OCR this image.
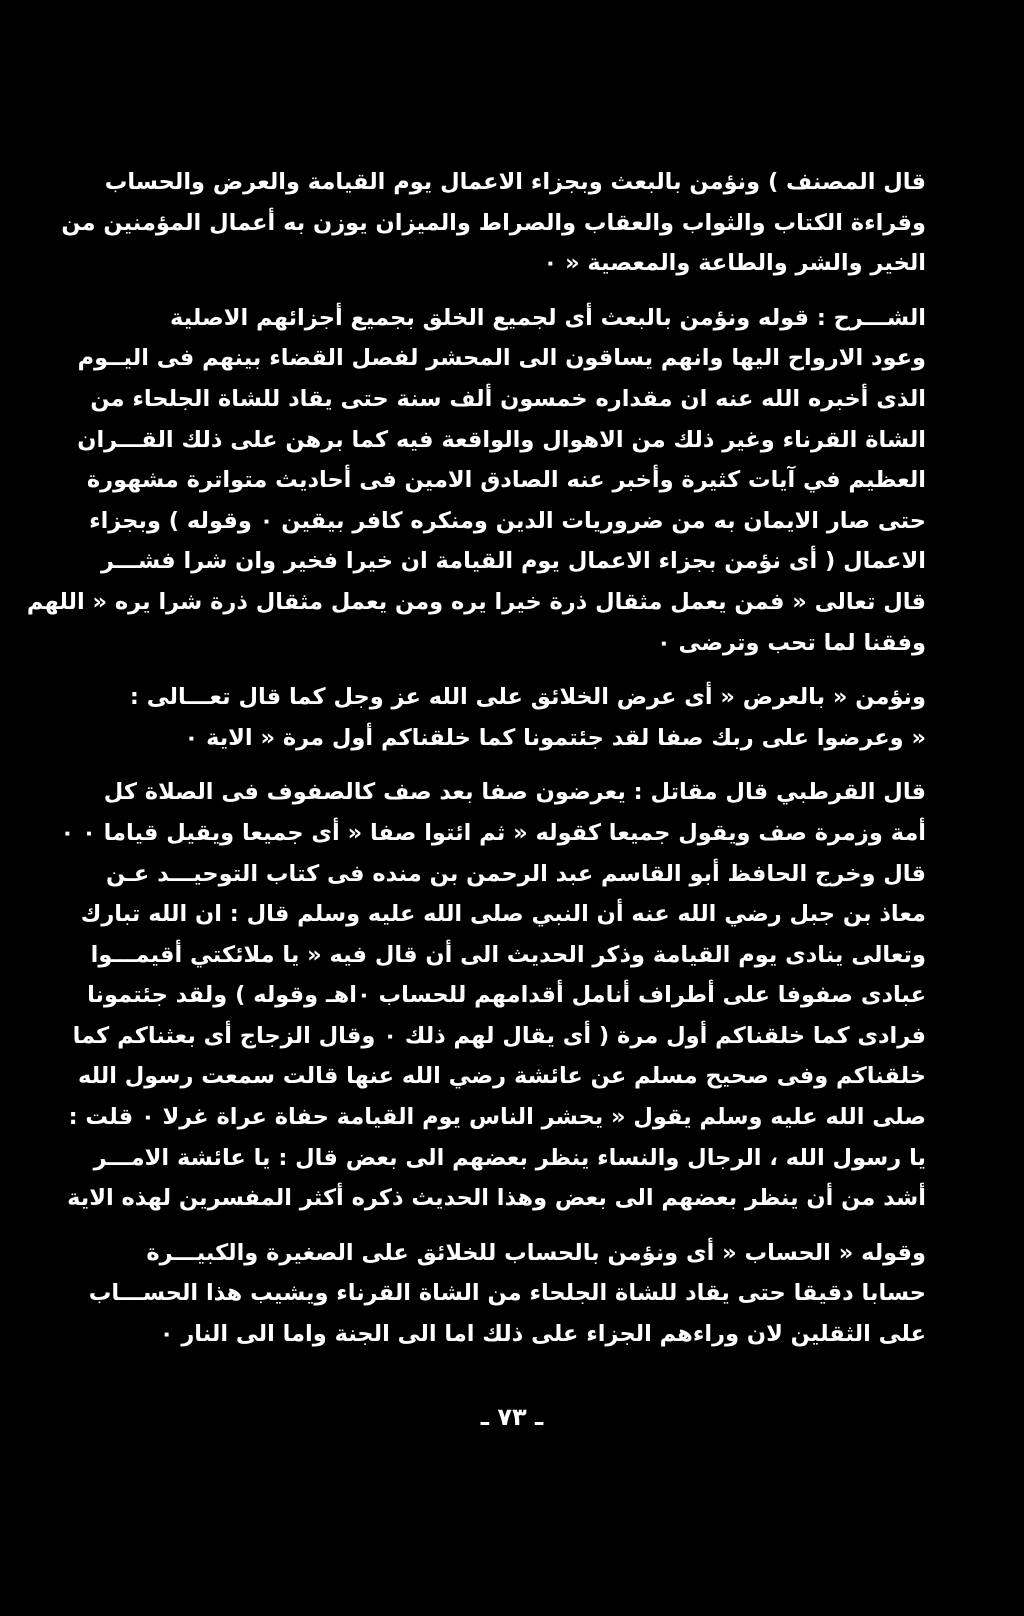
قال المصنف ) ونؤمن بالبعث وبجزاء الاعمال يوم القيامة والعرض والحساب
وقراءة الكتاب والثواب والعقاب والصراط والميزان يوزن به أعمال المؤمنين من
الخير والشر والطاعة والمعصية « ٠
الشـــرح : قوله ونؤمن بالبعث أى لجميع الخلق بجميع أجزائهم الاصلية
وعود الارواح اليها وانهم يساقون الى المحشر لفصل القضاء بينهم فى اليــوم
الذى أخبره الله عنه ان مقداره خمسون ألف سنة حتى يقاد للشاة الجلحاء من
الشاة القرناء وغير ذلك من الاهوال والواقعة فيه كما برهن على ذلك القـــران
العظيم في آيات كثيرة وأخبر عنه الصادق الامين فى أحاديث متواترة مشهورة
حتى صار الايمان به من ضروريات الدين ومنكره كافر بيقين ٠ وقوله ) وبجزاء
الاعمال ( أى نؤمن بجزاء الاعمال يوم القيامة ان خيرا فخير وان شرا فشـــر
قال تعالى « فمن يعمل مثقال ذرة خيرا يره ومن يعمل مثقال ذرة شرا يره « اللهم
وفقنا لما تحب وترضى ٠
ونؤمن « بالعرض « أى عرض الخلائق على الله عز وجل كما قال تعـــالى :
« وعرضوا على ربك صفا لقد جئتمونا كما خلقناكم أول مرة « الاية ٠
قال القرطبي قال مقاتل : يعرضون صفا بعد صف كالصفوف فى الصلاة كل
أمة وزمرة صف ويقول جميعا كقوله « ثم ائتوا صفا « أى جميعا ويقيل قياما ٠ ٠
قال وخرج الحافظ أبو القاسم عبد الرحمن بن منده فى كتاب التوحيـــد عـن
معاذ بن جبل رضي الله عنه أن النبي صلى الله عليه وسلم قال : ان الله تبارك
وتعالى ينادى يوم القيامة وذكر الحديث الى أن قال فيه « يا ملائكتي أقيمـــوا
عبادى صفوفا على أطراف أنامل أقدامهم للحساب ٠اهـ وقوله ) ولقد جئتمونا
فرادى كما خلقناكم أول مرة ( أى يقال لهم ذلك ٠ وقال الزجاج أى بعثناكم كما
خلقناكم وفى صحيح مسلم عن عائشة رضي الله عنها قالت سمعت رسول الله
صلى الله عليه وسلم يقول « يحشر الناس يوم القيامة حفاة عراة غرلا ٠ قلت :
يا رسول الله ، الرجال والنساء ينظر بعضهم الى بعض قال : يا عائشة الامـــر
أشد من أن ينظر بعضهم الى بعض وهذا الحديث ذكره أكثر المفسرين لهذه الاية
وقوله « الحساب « أى ونؤمن بالحساب للخلائق على الصغيرة والكبيـــرة
حسابا دقيقا حتى يقاد للشاة الجلحاء من الشاة القرناء ويشيب هذا الحســـاب
على الثقلين لان وراءهم الجزاء على ذلك اما الى الجنة واما الى النار ٠
ـ ٧٣ ـ
